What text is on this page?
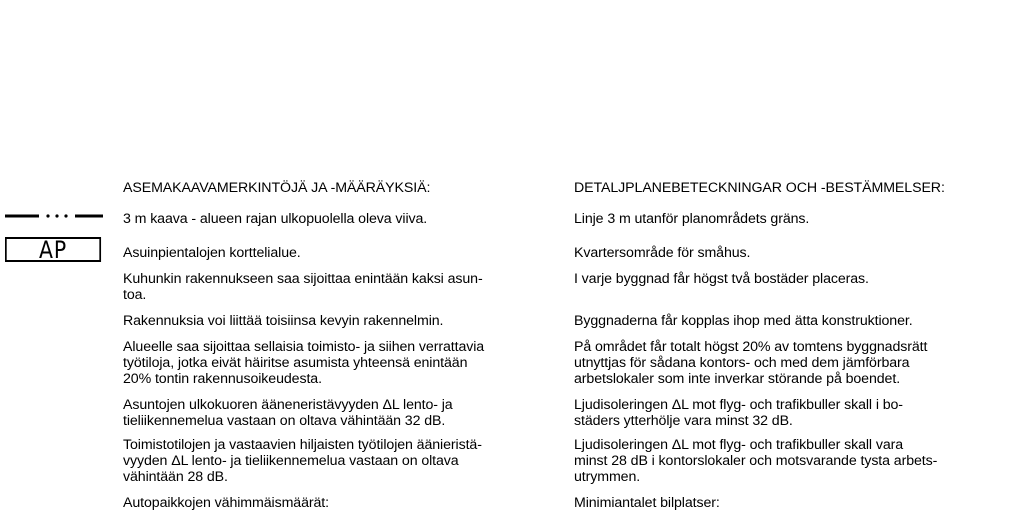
AP
ASEMAKAAVAMERKINTÖJÄ JA -MÄÄRÄYKSIÄ:
3 m kaava - alueen rajan ulkopuolella oleva viiva.
Asuinpientalojen korttelialue.
Kuhunkin rakennukseen saa sijoittaa enintään kaksi asun-
toa.
Rakennuksia voi liittää toisiinsa kevyin rakennelmin.
Alueelle saa sijoittaa sellaisia toimisto- ja siihen verrattavia
työtiloja, jotka eivät häiritse asumista yhteensä enintään
20% tontin rakennusoikeudesta.
Asuntojen ulkokuoren ääneneristävyyden ΔL lento- ja
tieliikennemelua vastaan on oltava vähintään 32 dB.
Toimistotilojen ja vastaavien hiljaisten työtilojen äänieristä-
vyyden ΔL lento- ja tieliikennemelua vastaan on oltava
vähintään 28 dB.
Autopaikkojen vähimmäismäärät:
DETALJPLANEBETECKNINGAR OCH -BESTÄMMELSER:
Linje 3 m utanför planområdets gräns.
Kvartersområde för småhus.
I varje byggnad får högst två bostäder placeras.
Byggnaderna får kopplas ihop med ätta konstruktioner.
På området får totalt högst 20% av tomtens byggnadsrätt
utnyttjas för sådana kontors- och med dem jämförbara
arbetslokaler som inte inverkar störande på boendet.
Ljudisoleringen ΔL mot flyg- och trafikbuller skall i bo-
städers ytterhölje vara minst 32 dB.
Ljudisoleringen ΔL mot flyg- och trafikbuller skall vara
minst 28 dB i kontorslokaler och motsvarande tysta arbets-
utrymmen.
Minimiantalet bilplatser:
